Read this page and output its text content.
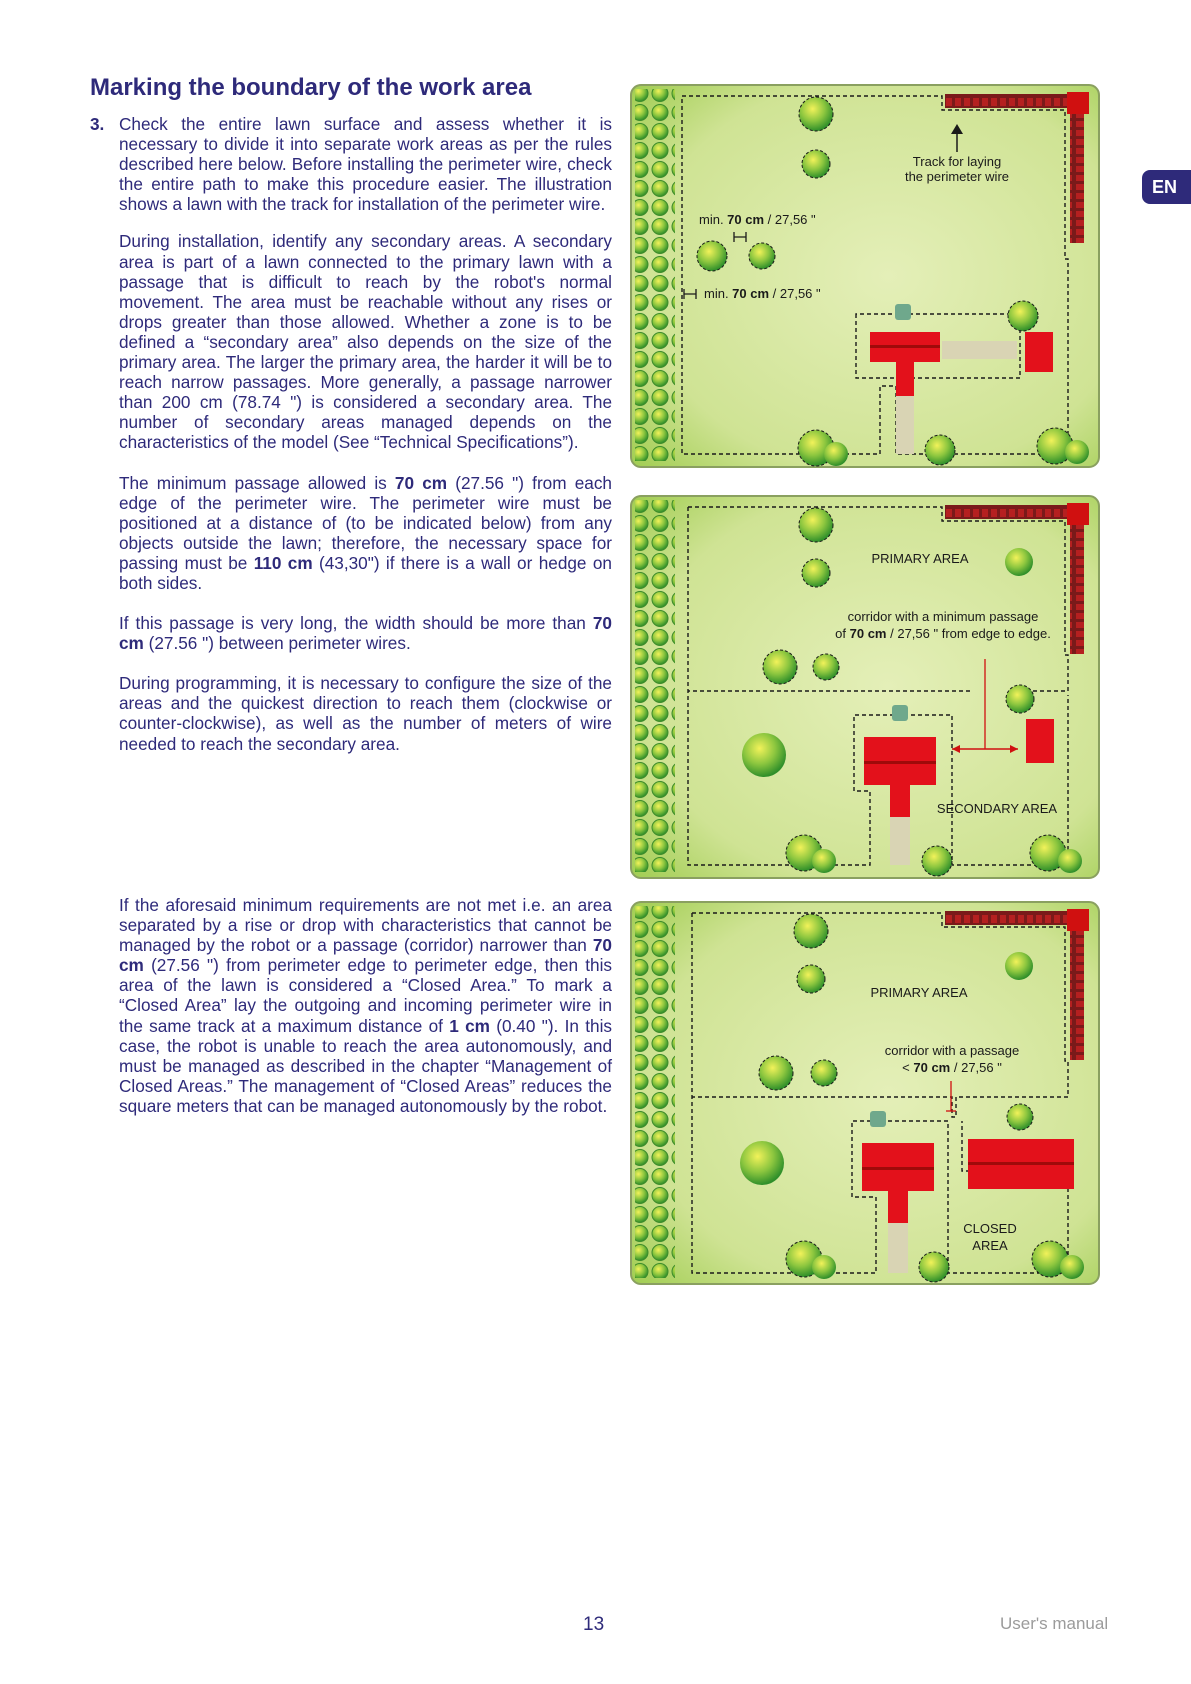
Marking the boundary of the work area
EN
3. Check the entire lawn surface and assess whether it is necessary to divide it into separate work areas as per the rules described here below. Before installing the perimeter wire, check the entire path to make this procedure easier. The illustration shows a lawn with the track for installation of the perimeter wire.

During installation, identify any secondary areas. A secondary area is part of a lawn connected to the primary lawn with a passage that is difficult to reach by the robot's normal movement. The area must be reachable without any rises or drops greater than those allowed. Whether a zone is to be defined a “secondary area” also depends on the size of the primary area. The larger the primary area, the harder it will be to reach narrow passages. More generally, a passage narrower than 200 cm (78.74 ") is considered a secondary area. The number of secondary areas managed depends on the characteristics of the model (See “Technical Specifications”).

The minimum passage allowed is 70 cm (27.56 ") from each edge of the perimeter wire. The perimeter wire must be positioned at a distance of (to be indicated below) from any objects outside the lawn; therefore, the necessary space for passing must be 110 cm (43,30") if there is a wall or hedge on both sides.

If this passage is very long, the width should be more than 70 cm (27.56 ") between perimeter wires.

During programming, it is necessary to configure the size of the areas and the quickest direction to reach them (clockwise or counter-clockwise), as well as the number of meters of wire needed to reach the secondary area.

If the aforesaid minimum requirements are not met i.e. an area separated by a rise or drop with characteristics that cannot be managed by the robot or a passage (corridor) narrower than 70 cm (27.56 ") from perimeter edge to perimeter edge, then this area of the lawn is considered a “Closed Area.” To mark a “Closed Area” lay the outgoing and incoming perimeter wire in the same track at a maximum distance of 1 cm (0.40 "). In this case, the robot is unable to reach the area autonomously, and must be managed as described in the chapter “Management of Closed Areas.” The management of “Closed Areas” reduces the square meters that can be managed autonomously by the robot.

Track for laying
the perimeter wire
min. 70 cm / 27,56 "
min. 70 cm / 27,56 "
PRIMARY AREA
corridor with a minimum passage
of 70 cm / 27,56 " from edge to edge.
SECONDARY AREA
PRIMARY AREA
corridor with a passage
< 70 cm / 27,56 "
CLOSED
AREA
13	User's manual
